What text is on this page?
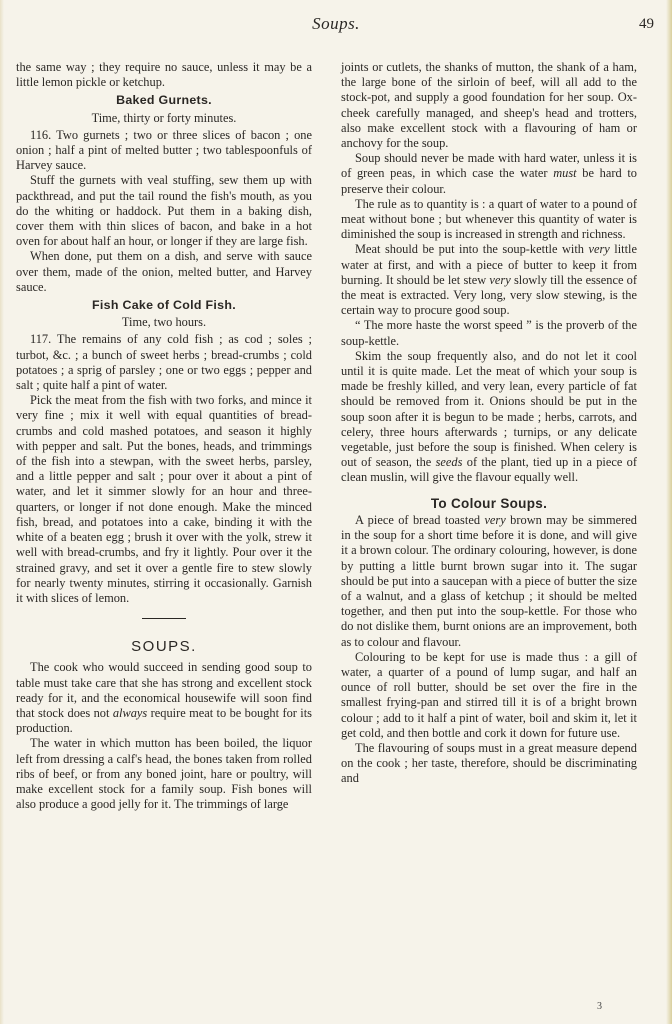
Soups.	49

the same way ; they require no sauce, unless it may be a little lemon pickle or ketchup.

Baked Gurnets.

Time, thirty or forty minutes.

116. Two gurnets ; two or three slices of bacon ; one onion ; half a pint of melted butter ; two tablespoonfuls of Harvey sauce.

Stuff the gurnets with veal stuffing, sew them up with packthread, and put the tail round the fish's mouth, as you do the whiting or haddock. Put them in a baking dish, cover them with thin slices of bacon, and bake in a hot oven for about half an hour, or longer if they are large fish.

When done, put them on a dish, and serve with sauce over them, made of the onion, melted butter, and Harvey sauce.

Fish Cake of Cold Fish.

Time, two hours.

117. The remains of any cold fish ; as cod ; soles ; turbot, &c. ; a bunch of sweet herbs ; bread-crumbs ; cold potatoes ; a sprig of parsley ; one or two eggs ; pepper and salt ; quite half a pint of water.

Pick the meat from the fish with two forks, and mince it very fine ; mix it well with equal quantities of bread-crumbs and cold mashed potatoes, and season it highly with pepper and salt. Put the bones, heads, and trimmings of the fish into a stewpan, with the sweet herbs, parsley, and a little pepper and salt ; pour over it about a pint of water, and let it simmer slowly for an hour and three-quarters, or longer if not done enough. Make the minced fish, bread, and potatoes into a cake, binding it with the white of a beaten egg ; brush it over with the yolk, strew it well with bread-crumbs, and fry it lightly. Pour over it the strained gravy, and set it over a gentle fire to stew slowly for nearly twenty minutes, stirring it occasionally. Garnish it with slices of lemon.

SOUPS.

The cook who would succeed in sending good soup to table must take care that she has strong and excellent stock ready for it, and the economical housewife will soon find that stock does not always require meat to be bought for its production.

The water in which mutton has been boiled, the liquor left from dressing a calf's head, the bones taken from rolled ribs of beef, or from any boned joint, hare or poultry, will make excellent stock for a family soup. Fish bones will also produce a good jelly for it. The trimmings of large

joints or cutlets, the shanks of mutton, the shank of a ham, the large bone of the sirloin of beef, will all add to the stock-pot, and supply a good foundation for her soup. Ox-cheek carefully managed, and sheep's head and trotters, also make excellent stock with a flavouring of ham or anchovy for the soup.

Soup should never be made with hard water, unless it is of green peas, in which case the water must be hard to preserve their colour.

The rule as to quantity is : a quart of water to a pound of meat without bone ; but whenever this quantity of water is diminished the soup is increased in strength and richness.

Meat should be put into the soup-kettle with very little water at first, and with a piece of butter to keep it from burning. It should be let stew very slowly till the essence of the meat is extracted. Very long, very slow stewing, is the certain way to procure good soup.

“ The more haste the worst speed ” is the proverb of the soup-kettle.

Skim the soup frequently also, and do not let it cool until it is quite made. Let the meat of which your soup is made be freshly killed, and very lean, every particle of fat should be removed from it. Onions should be put in the soup soon after it is begun to be made ; herbs, carrots, and celery, three hours afterwards ; turnips, or any delicate vegetable, just before the soup is finished. When celery is out of season, the seeds of the plant, tied up in a piece of clean muslin, will give the flavour equally well.

To Colour Soups.

A piece of bread toasted very brown may be simmered in the soup for a short time before it is done, and will give it a brown colour. The ordinary colouring, however, is done by putting a little burnt brown sugar into it. The sugar should be put into a saucepan with a piece of butter the size of a walnut, and a glass of ketchup ; it should be melted together, and then put into the soup-kettle. For those who do not dislike them, burnt onions are an improvement, both as to colour and flavour.

Colouring to be kept for use is made thus : a gill of water, a quarter of a pound of lump sugar, and half an ounce of roll butter, should be set over the fire in the smallest frying-pan and stirred till it is of a bright brown colour ; add to it half a pint of water, boil and skim it, let it get cold, and then bottle and cork it down for future use.

The flavouring of soups must in a great measure depend on the cook ; her taste, therefore, should be discriminating and

3
